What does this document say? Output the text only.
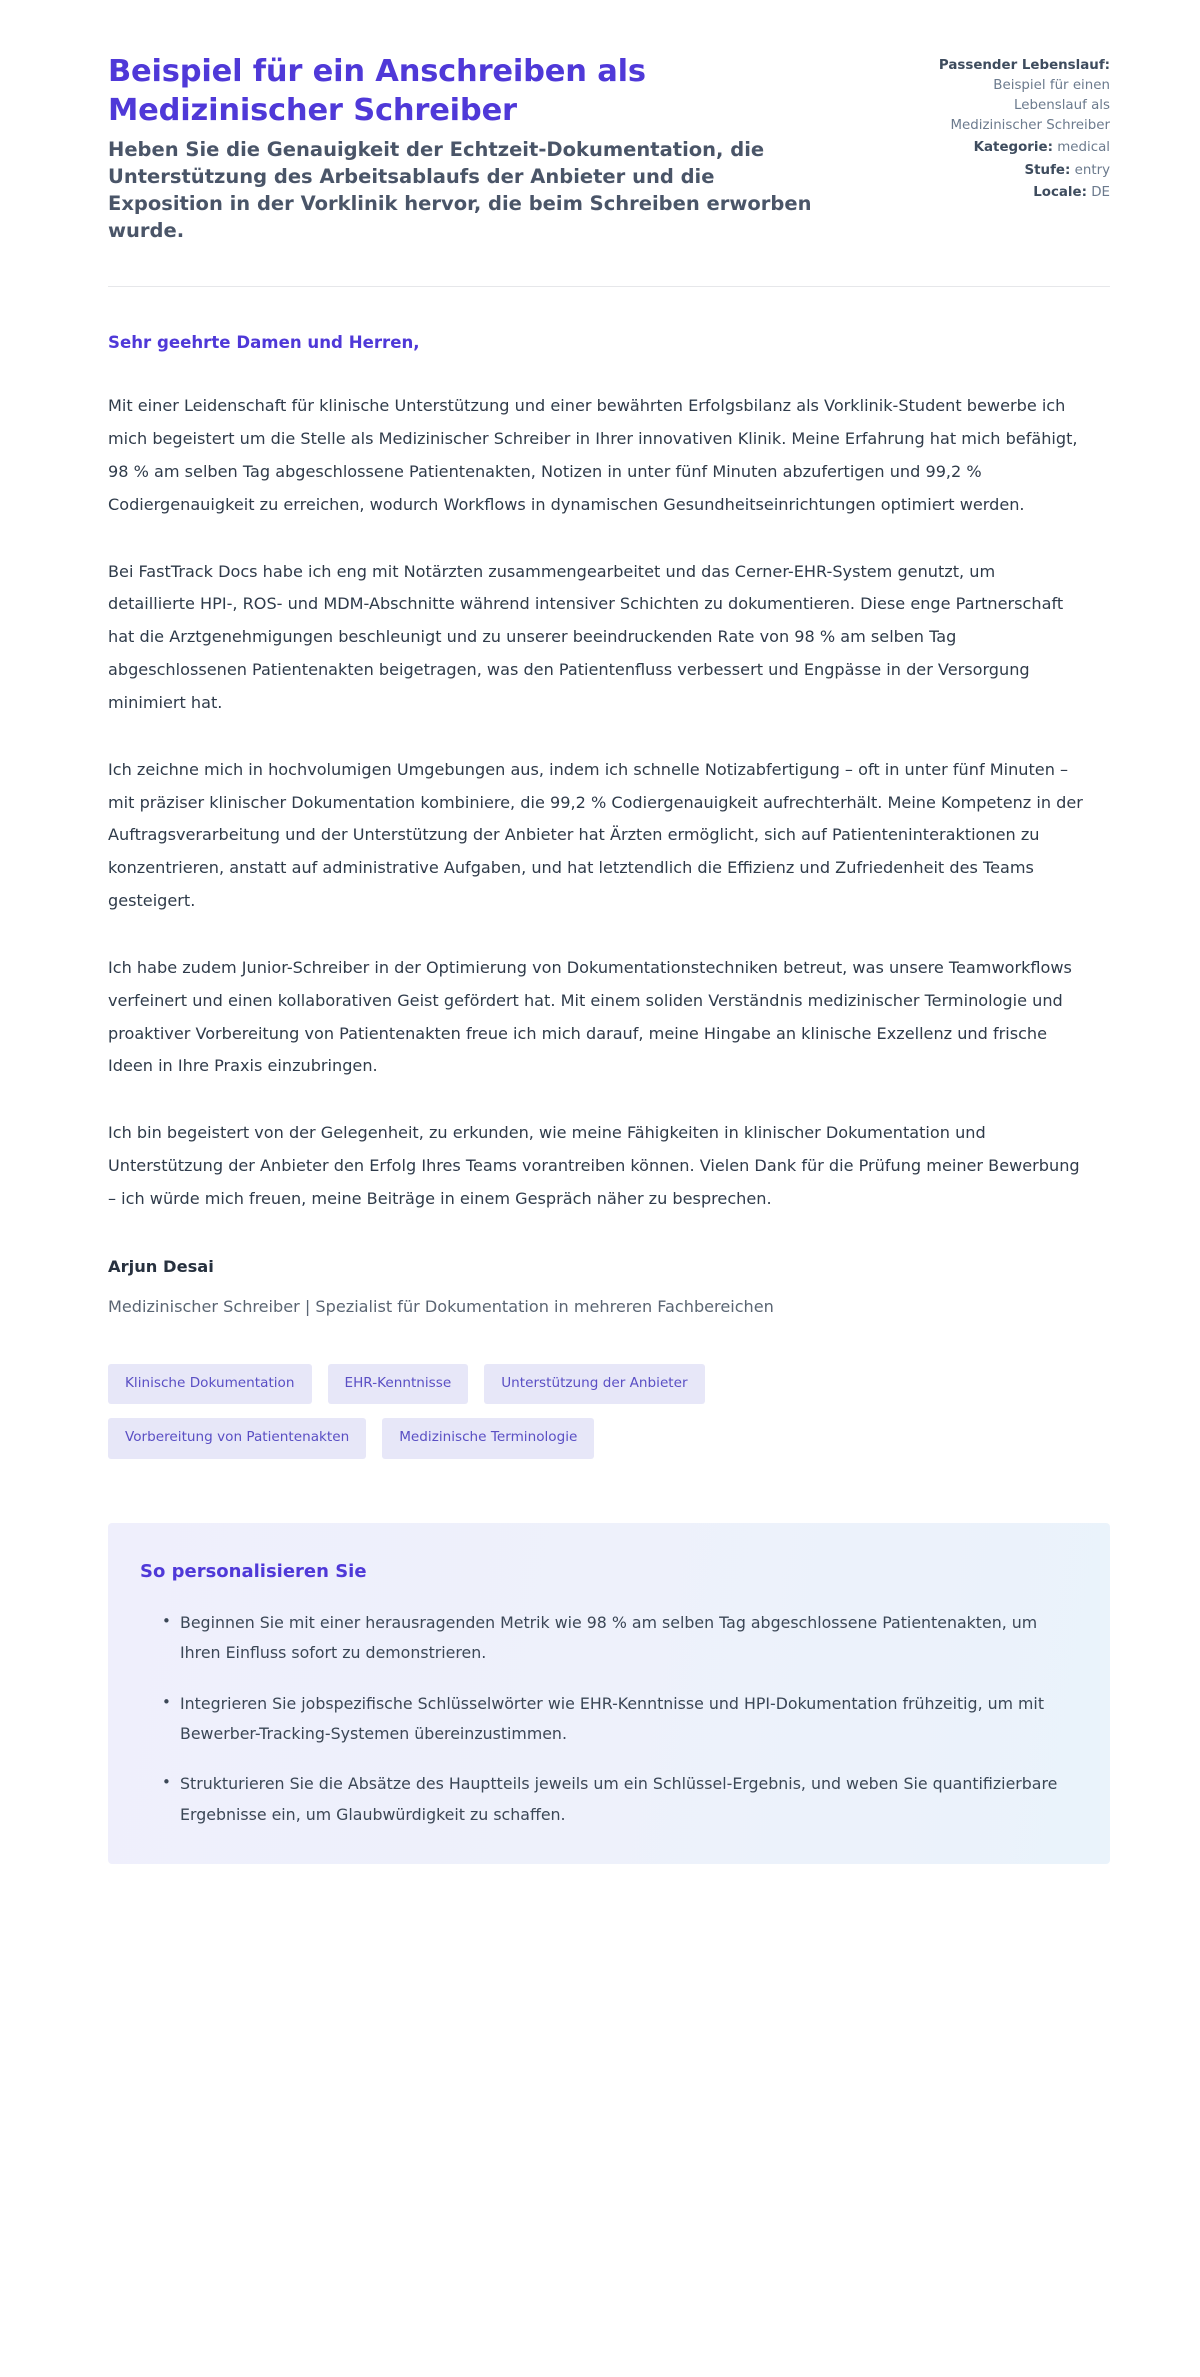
Beispiel für ein Anschreiben als Medizinischer Schreiber

Heben Sie die Genauigkeit der Echtzeit-Dokumentation, die Unterstützung des Arbeitsablaufs der Anbieter und die Exposition in der Vorklinik hervor, die beim Schreiben erworben wurde.

Passender Lebenslauf: Beispiel für einen Lebenslauf als Medizinischer Schreiber
Kategorie: medical
Stufe: entry
Locale: DE

Sehr geehrte Damen und Herren,

Mit einer Leidenschaft für klinische Unterstützung und einer bewährten Erfolgsbilanz als Vorklinik-Student bewerbe ich mich begeistert um die Stelle als Medizinischer Schreiber in Ihrer innovativen Klinik. Meine Erfahrung hat mich befähigt, 98 % am selben Tag abgeschlossene Patientenakten, Notizen in unter fünf Minuten abzufertigen und 99,2 % Codiergenauigkeit zu erreichen, wodurch Workflows in dynamischen Gesundheitseinrichtungen optimiert werden.

Bei FastTrack Docs habe ich eng mit Notärzten zusammengearbeitet und das Cerner-EHR-System genutzt, um detaillierte HPI-, ROS- und MDM-Abschnitte während intensiver Schichten zu dokumentieren. Diese enge Partnerschaft hat die Arztgenehmigungen beschleunigt und zu unserer beeindruckenden Rate von 98 % am selben Tag abgeschlossenen Patientenakten beigetragen, was den Patientenfluss verbessert und Engpässe in der Versorgung minimiert hat.

Ich zeichne mich in hochvolumigen Umgebungen aus, indem ich schnelle Notizabfertigung – oft in unter fünf Minuten – mit präziser klinischer Dokumentation kombiniere, die 99,2 % Codiergenauigkeit aufrechterhält. Meine Kompetenz in der Auftragsverarbeitung und der Unterstützung der Anbieter hat Ärzten ermöglicht, sich auf Patienteninteraktionen zu konzentrieren, anstatt auf administrative Aufgaben, und hat letztendlich die Effizienz und Zufriedenheit des Teams gesteigert.

Ich habe zudem Junior-Schreiber in der Optimierung von Dokumentationstechniken betreut, was unsere Teamworkflows verfeinert und einen kollaborativen Geist gefördert hat. Mit einem soliden Verständnis medizinischer Terminologie und proaktiver Vorbereitung von Patientenakten freue ich mich darauf, meine Hingabe an klinische Exzellenz und frische Ideen in Ihre Praxis einzubringen.

Ich bin begeistert von der Gelegenheit, zu erkunden, wie meine Fähigkeiten in klinischer Dokumentation und Unterstützung der Anbieter den Erfolg Ihres Teams vorantreiben können. Vielen Dank für die Prüfung meiner Bewerbung – ich würde mich freuen, meine Beiträge in einem Gespräch näher zu besprechen.

Arjun Desai

Medizinischer Schreiber | Spezialist für Dokumentation in mehreren Fachbereichen

Klinische Dokumentation	EHR-Kenntnisse	Unterstützung der Anbieter
Vorbereitung von Patientenakten	Medizinische Terminologie
So personalisieren Sie
• Beginnen Sie mit einer herausragenden Metrik wie 98 % am selben Tag abgeschlossene Patientenakten, um Ihren Einfluss sofort zu demonstrieren.
• Integrieren Sie jobspezifische Schlüsselwörter wie EHR-Kenntnisse und HPI-Dokumentation frühzeitig, um mit Bewerber-Tracking-Systemen übereinzustimmen.
• Strukturieren Sie die Absätze des Hauptteils jeweils um ein Schlüssel-Ergebnis, und weben Sie quantifizierbare Ergebnisse ein, um Glaubwürdigkeit zu schaffen.
